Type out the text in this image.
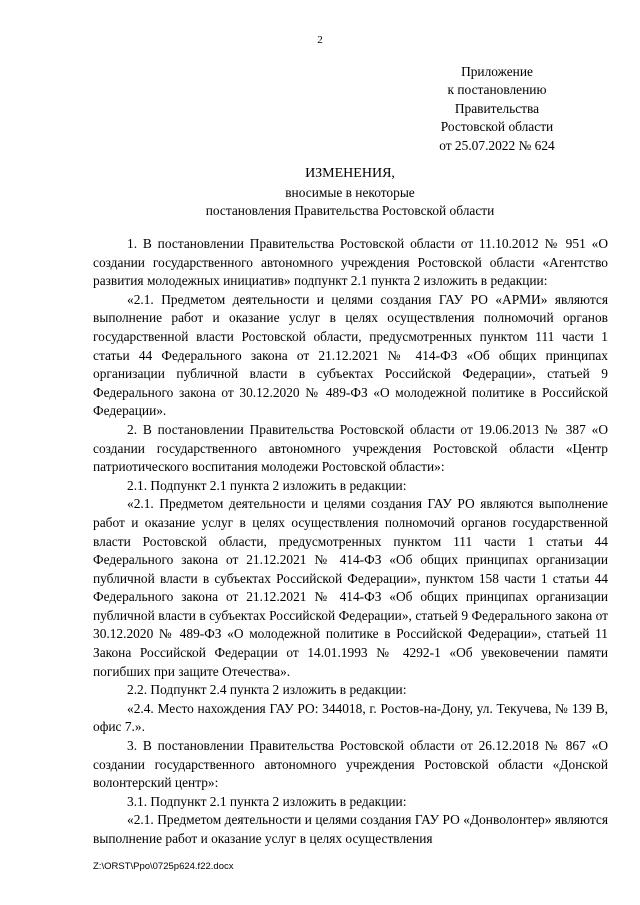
2
Приложение
к постановлению
Правительства
Ростовской области
от 25.07.2022 № 624
ИЗМЕНЕНИЯ,
вносимые в некоторые
постановления Правительства Ростовской области

1. В постановлении Правительства Ростовской области от 11.10.2012 № 951 «О создании государственного автономного учреждения Ростовской области «Агентство развития молодежных инициатив» подпункт 2.1 пункта 2 изложить в редакции:

«2.1. Предметом деятельности и целями создания ГАУ РО «АРМИ» являются выполнение работ и оказание услуг в целях осуществления полномочий органов государственной власти Ростовской области, предусмотренных пунктом 111 части 1 статьи 44 Федерального закона от 21.12.2021 № 414-ФЗ «Об общих принципах организации публичной власти в субъектах Российской Федерации», статьей 9 Федерального закона от 30.12.2020 № 489-ФЗ «О молодежной политике в Российской Федерации».

2. В постановлении Правительства Ростовской области от 19.06.2013 № 387 «О создании государственного автономного учреждения Ростовской области «Центр патриотического воспитания молодежи Ростовской области»:

2.1. Подпункт 2.1 пункта 2 изложить в редакции:

«2.1. Предметом деятельности и целями создания ГАУ РО являются выполнение работ и оказание услуг в целях осуществления полномочий органов государственной власти Ростовской области, предусмотренных пунктом 111 части 1 статьи 44 Федерального закона от 21.12.2021 № 414-ФЗ «Об общих принципах организации публичной власти в субъектах Российской Федерации», пунктом 158 части 1 статьи 44 Федерального закона от 21.12.2021 № 414-ФЗ «Об общих принципах организации публичной власти в субъектах Российской Федерации», статьей 9 Федерального закона от 30.12.2020 № 489-ФЗ «О молодежной политике в Российской Федерации», статьей 11 Закона Российской Федерации от 14.01.1993 № 4292-1 «Об увековечении памяти погибших при защите Отечества».

2.2. Подпункт 2.4 пункта 2 изложить в редакции:

«2.4. Место нахождения ГАУ РО: 344018, г. Ростов-на-Дону, ул. Текучева, № 139 В, офис 7.».

3. В постановлении Правительства Ростовской области от 26.12.2018 № 867 «О создании государственного автономного учреждения Ростовской области «Донской волонтерский центр»:

3.1. Подпункт 2.1 пункта 2 изложить в редакции:

«2.1. Предметом деятельности и целями создания ГАУ РО «Донволонтер» являются выполнение работ и оказание услуг в целях осуществления

Z:\ORST\Ppo\0725p624.f22.docx
